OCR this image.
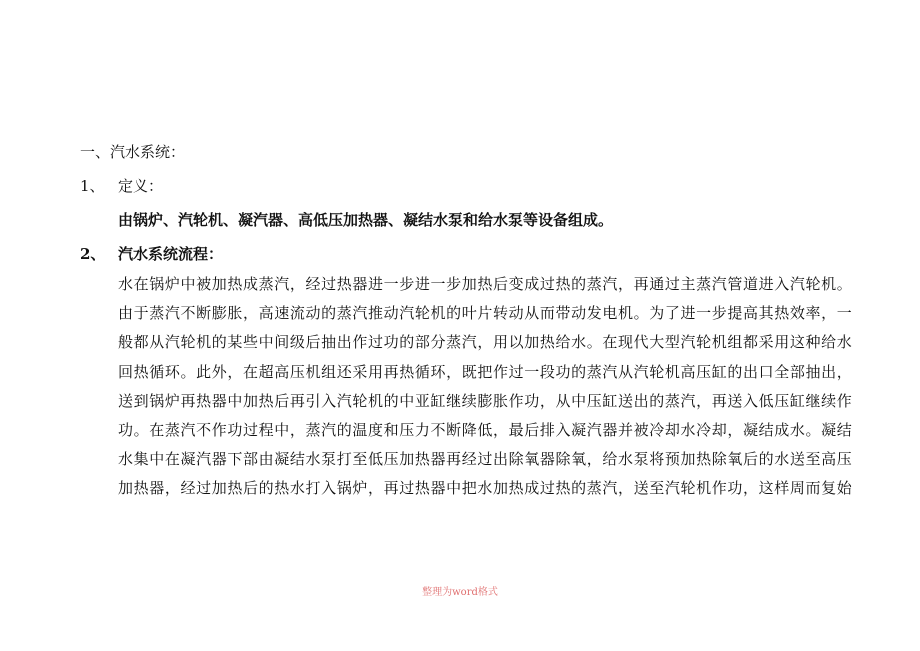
一、汽水系统：
1、 定义：
由锅炉、汽轮机、凝汽器、高低压加热器、凝结水泵和给水泵等设备组成。
2、 汽水系统流程：
水在锅炉中被加热成蒸汽，经过热器进一步进一步加热后变成过热的蒸汽，再通过主蒸汽管道进入汽轮机。
由于蒸汽不断膨胀，高速流动的蒸汽推动汽轮机的叶片转动从而带动发电机。为了进一步提高其热效率，一
般都从汽轮机的某些中间级后抽出作过功的部分蒸汽，用以加热给水。在现代大型汽轮机组都采用这种给水
回热循环。此外，在超高压机组还采用再热循环，既把作过一段功的蒸汽从汽轮机高压缸的出口全部抽出，
送到锅炉再热器中加热后再引入汽轮机的中亚缸继续膨胀作功，从中压缸送出的蒸汽，再送入低压缸继续作
功。在蒸汽不作功过程中，蒸汽的温度和压力不断降低，最后排入凝汽器并被冷却水冷却，凝结成水。凝结
水集中在凝汽器下部由凝结水泵打至低压加热器再经过出除氧器除氧，给水泵将预加热除氧后的水送至高压
加热器，经过加热后的热水打入锅炉，再过热器中把水加热成过热的蒸汽，送至汽轮机作功，这样周而复始
整理为word格式
